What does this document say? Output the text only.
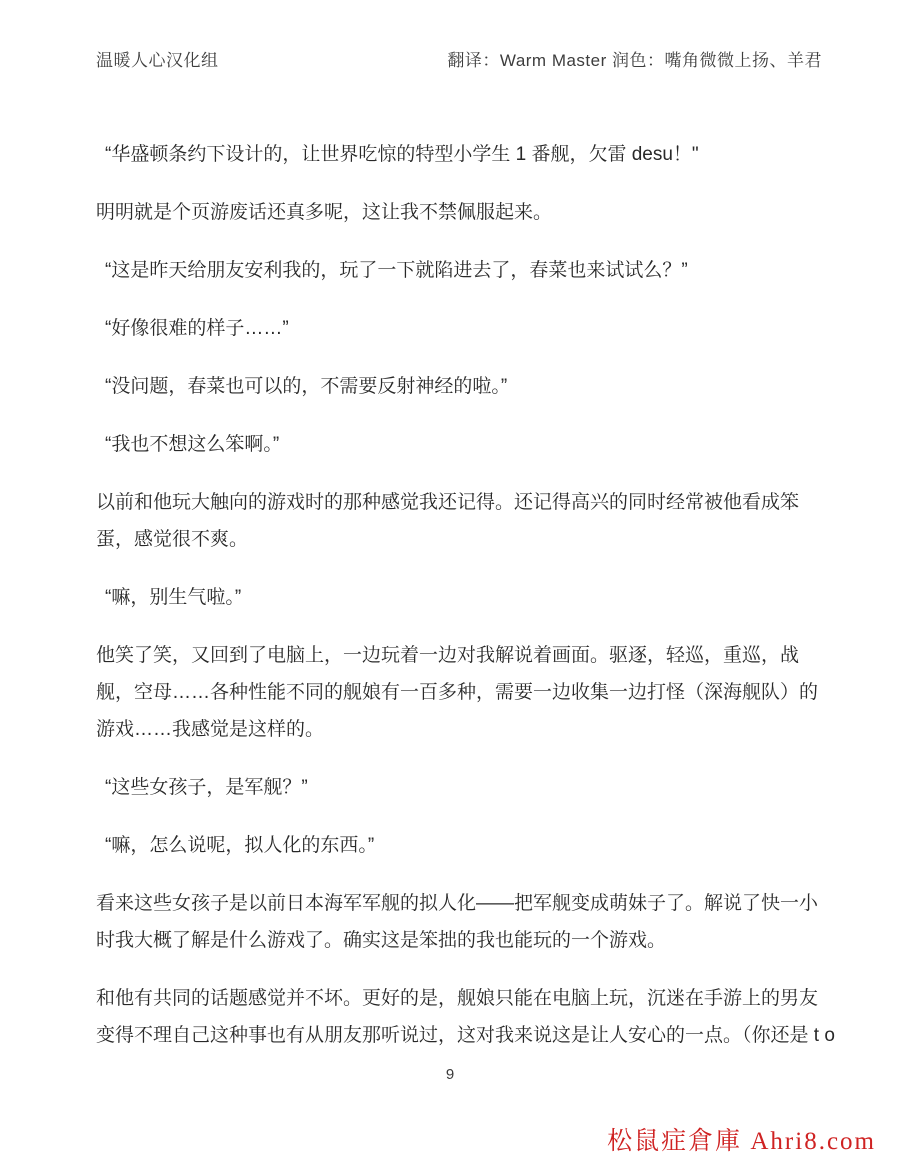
温暖人心汉化组	翻译：Warm Master 润色：嘴角微微上扬、羊君

“华盛顿条约下设计的，让世界吃惊的特型小学生 1 番舰，欠雷 desu！"

明明就是个页游废话还真多呢，这让我不禁佩服起来。

“这是昨天给朋友安利我的，玩了一下就陷进去了，春菜也来试试么？”

“好像很难的样子……”

“没问题，春菜也可以的，不需要反射神经的啦。”

“我也不想这么笨啊。”

以前和他玩大触向的游戏时的那种感觉我还记得。还记得高兴的同时经常被他看成笨蛋，感觉很不爽。

“嘛，别生气啦。”

他笑了笑，又回到了电脑上，一边玩着一边对我解说着画面。驱逐，轻巡，重巡，战舰，空母……各种性能不同的舰娘有一百多种，需要一边收集一边打怪（深海舰队）的游戏……我感觉是这样的。

“这些女孩子，是军舰？”

“嘛，怎么说呢，拟人化的东西。”

看来这些女孩子是以前日本海军军舰的拟人化——把军舰变成萌妹子了。解说了快一小时我大概了解是什么游戏了。确实这是笨拙的我也能玩的一个游戏。

和他有共同的话题感觉并不坏。更好的是，舰娘只能在电脑上玩，沉迷在手游上的男友变得不理自己这种事也有从朋友那听说过，这对我来说这是让人安心的一点。（你还是 t o

9
松鼠症倉庫 Ahri8.com
